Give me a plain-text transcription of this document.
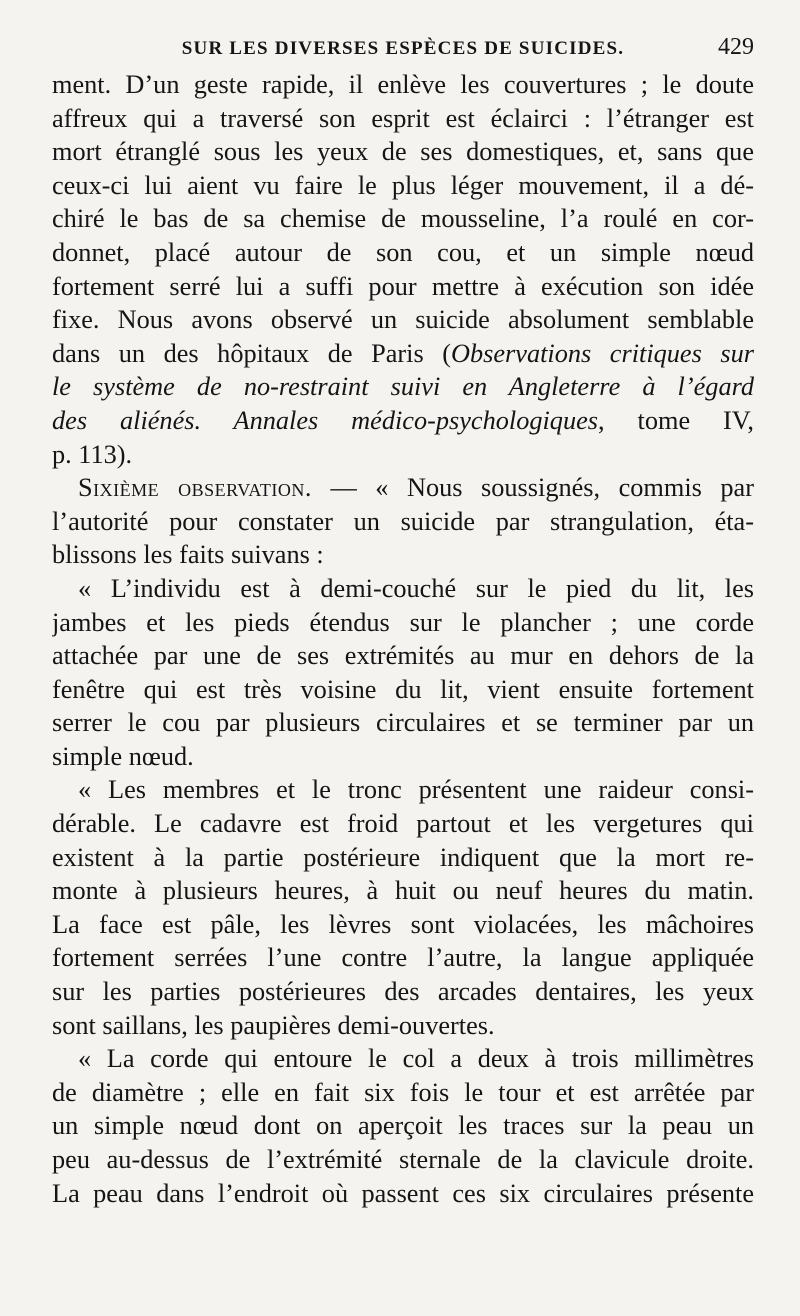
SUR LES DIVERSES ESPÈCES DE SUICIDES.	429

ment. D’un geste rapide, il enlève les couvertures ; le doute
affreux qui a traversé son esprit est éclairci : l’étranger est
mort étranglé sous les yeux de ses domestiques, et, sans que
ceux-ci lui aient vu faire le plus léger mouvement, il a dé-
chiré le bas de sa chemise de mousseline, l’a roulé en cor-
donnet, placé autour de son cou, et un simple nœud
fortement serré lui a suffi pour mettre à exécution son idée
fixe. Nous avons observé un suicide absolument semblable
dans un des hôpitaux de Paris (Observations critiques sur
le système de no-restraint suivi en Angleterre à l’égard
des aliénés. Annales médico-psychologiques, tome IV,
p. 113).

Sixième observation. — « Nous soussignés, commis par
l’autorité pour constater un suicide par strangulation, éta-
blissons les faits suivans :

« L’individu est à demi-couché sur le pied du lit, les
jambes et les pieds étendus sur le plancher ; une corde
attachée par une de ses extrémités au mur en dehors de la
fenêtre qui est très voisine du lit, vient ensuite fortement
serrer le cou par plusieurs circulaires et se terminer par un
simple nœud.

« Les membres et le tronc présentent une raideur consi-
dérable. Le cadavre est froid partout et les vergetures qui
existent à la partie postérieure indiquent que la mort re-
monte à plusieurs heures, à huit ou neuf heures du matin.
La face est pâle, les lèvres sont violacées, les mâchoires
fortement serrées l’une contre l’autre, la langue appliquée
sur les parties postérieures des arcades dentaires, les yeux
sont saillans, les paupières demi-ouvertes.

« La corde qui entoure le col a deux à trois millimètres
de diamètre ; elle en fait six fois le tour et est arrêtée par
un simple nœud dont on aperçoit les traces sur la peau un
peu au-dessus de l’extrémité sternale de la clavicule droite.
La peau dans l’endroit où passent ces six circulaires présente
